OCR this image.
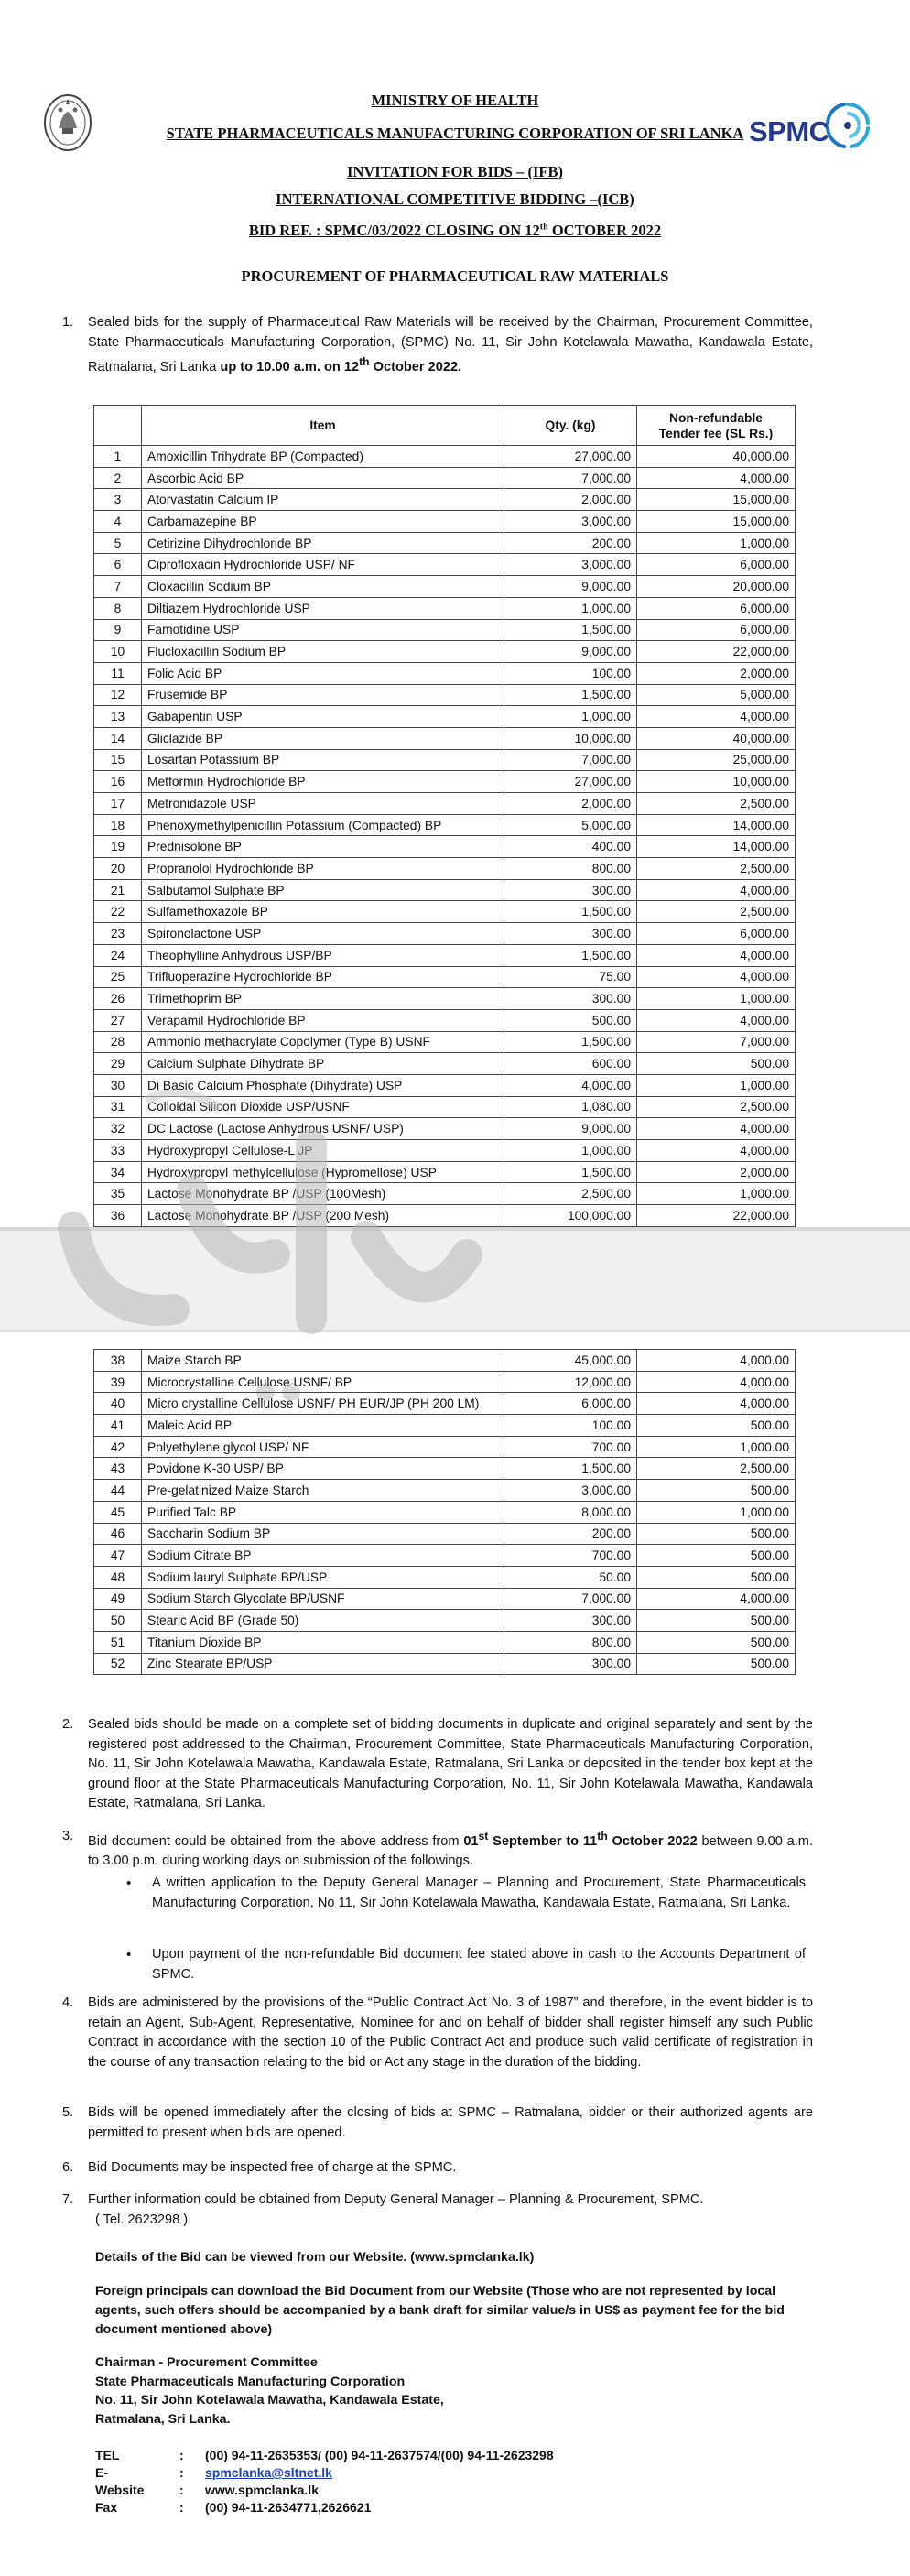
SPMC
MINISTRY OF HEALTH
STATE PHARMACEUTICALS MANUFACTURING CORPORATION OF SRI LANKA
INVITATION FOR BIDS – (IFB)
INTERNATIONAL COMPETITIVE BIDDING –(ICB)
BID REF. : SPMC/03/2022 CLOSING ON 12th OCTOBER 2022
PROCUREMENT OF PHARMACEUTICAL RAW MATERIALS
1. Sealed bids for the supply of Pharmaceutical Raw Materials will be received by the Chairman, Procurement Committee, State Pharmaceuticals Manufacturing Corporation, (SPMC) No. 11, Sir John Kotelawala Mawatha, Kandawala Estate, Ratmalana, Sri Lanka up to 10.00 a.m. on 12th October 2022.
	Item	Qty. (kg)	Non-refundable
Tender fee (SL Rs.)
1	Amoxicillin Trihydrate BP (Compacted)	27,000.00	40,000.00
2	Ascorbic Acid BP	7,000.00	4,000.00
3	Atorvastatin Calcium IP	2,000.00	15,000.00
4	Carbamazepine BP	3,000.00	15,000.00
5	Cetirizine Dihydrochloride BP	200.00	1,000.00
6	Ciprofloxacin Hydrochloride USP/ NF	3,000.00	6,000.00
7	Cloxacillin Sodium BP	9,000.00	20,000.00
8	Diltiazem Hydrochloride USP	1,000.00	6,000.00
9	Famotidine USP	1,500.00	6,000.00
10	Flucloxacillin Sodium BP	9,000.00	22,000.00
11	Folic Acid BP	100.00	2,000.00
12	Frusemide BP	1,500.00	5,000.00
13	Gabapentin USP	1,000.00	4,000.00
14	Gliclazide BP	10,000.00	40,000.00
15	Losartan Potassium BP	7,000.00	25,000.00
16	Metformin Hydrochloride BP	27,000.00	10,000.00
17	Metronidazole USP	2,000.00	2,500.00
18	Phenoxymethylpenicillin Potassium (Compacted) BP	5,000.00	14,000.00
19	Prednisolone BP	400.00	14,000.00
20	Propranolol Hydrochloride BP	800.00	2,500.00
21	Salbutamol Sulphate BP	300.00	4,000.00
22	Sulfamethoxazole BP	1,500.00	2,500.00
23	Spironolactone USP	300.00	6,000.00
24	Theophylline Anhydrous USP/BP	1,500.00	4,000.00
25	Trifluoperazine Hydrochloride BP	75.00	4,000.00
26	Trimethoprim BP	300.00	1,000.00
27	Verapamil Hydrochloride BP	500.00	4,000.00
28	Ammonio methacrylate Copolymer (Type B) USNF	1,500.00	7,000.00
29	Calcium Sulphate Dihydrate BP	600.00	500.00
30	Di Basic Calcium Phosphate (Dihydrate) USP	4,000.00	1,000.00
31	Colloidal Silicon Dioxide USP/USNF	1,080.00	2,500.00
32	DC Lactose (Lactose Anhydrous USNF/ USP)	9,000.00	4,000.00
33	Hydroxypropyl Cellulose-L JP	1,000.00	4,000.00
34	Hydroxypropyl methylcellulose (Hypromellose) USP	1,500.00	2,000.00
35	Lactose Monohydrate BP /USP (100Mesh)	2,500.00	1,000.00
36	Lactose Monohydrate BP /USP (200 Mesh)	100,000.00	22,000.00

38	Maize Starch BP	45,000.00	4,000.00
39	Microcrystalline Cellulose USNF/ BP	12,000.00	4,000.00
40	Micro crystalline Cellulose USNF/ PH EUR/JP (PH 200 LM)	6,000.00	4,000.00
41	Maleic Acid BP	100.00	500.00
42	Polyethylene glycol USP/ NF	700.00	1,000.00
43	Povidone K-30 USP/ BP	1,500.00	2,500.00
44	Pre-gelatinized Maize Starch	3,000.00	500.00
45	Purified Talc BP	8,000.00	1,000.00
46	Saccharin Sodium BP	200.00	500.00
47	Sodium Citrate BP	700.00	500.00
48	Sodium lauryl Sulphate BP/USP	50.00	500.00
49	Sodium Starch Glycolate BP/USNF	7,000.00	4,000.00
50	Stearic Acid BP (Grade 50)	300.00	500.00
51	Titanium Dioxide BP	800.00	500.00
52	Zinc Stearate BP/USP	300.00	500.00
2. Sealed bids should be made on a complete set of bidding documents in duplicate and original separately and sent by the registered post addressed to the Chairman, Procurement Committee, State Pharmaceuticals Manufacturing Corporation, No. 11, Sir John Kotelawala Mawatha, Kandawala Estate, Ratmalana, Sri Lanka or deposited in the tender box kept at the ground floor at the State Pharmaceuticals Manufacturing Corporation, No. 11, Sir John Kotelawala Mawatha, Kandawala Estate, Ratmalana, Sri Lanka.
3. Bid document could be obtained from the above address from 01st September to 11th October 2022 between 9.00 a.m. to 3.00 p.m. during working days on submission of the followings.
• A written application to the Deputy General Manager – Planning and Procurement, State Pharmaceuticals Manufacturing Corporation, No 11, Sir John Kotelawala Mawatha, Kandawala Estate, Ratmalana, Sri Lanka.
• Upon payment of the non-refundable Bid document fee stated above in cash to the Accounts Department of SPMC.
4. Bids are administered by the provisions of the “Public Contract Act No. 3 of 1987” and therefore, in the event bidder is to retain an Agent, Sub-Agent, Representative, Nominee for and on behalf of bidder shall register himself any such Public Contract in accordance with the section 10 of the Public Contract Act and produce such valid certificate of registration in the course of any transaction relating to the bid or Act any stage in the duration of the bidding.
5. Bids will be opened immediately after the closing of bids at SPMC – Ratmalana, bidder or their authorized agents are permitted to present when bids are opened.
6. Bid Documents may be inspected free of charge at the SPMC.
7. Further information could be obtained from Deputy General Manager – Planning & Procurement, SPMC.
( Tel. 2623298 )
Details of the Bid can be viewed from our Website. (www.spmclanka.lk)
Foreign principals can download the Bid Document from our Website (Those who are not represented by local agents, such offers should be accompanied by a bank draft for similar value/s in US$ as payment fee for the bid document mentioned above)
Chairman - Procurement Committee
State Pharmaceuticals Manufacturing Corporation
No. 11, Sir John Kotelawala Mawatha, Kandawala Estate,
Ratmalana, Sri Lanka.
TEL	: (00) 94-11-2635353/ (00) 94-11-2637574/(00) 94-11-2623298
E-	: spmclanka@sltnet.lk
Website	: www.spmclanka.lk
Fax	: (00) 94-11-2634771,2626621
